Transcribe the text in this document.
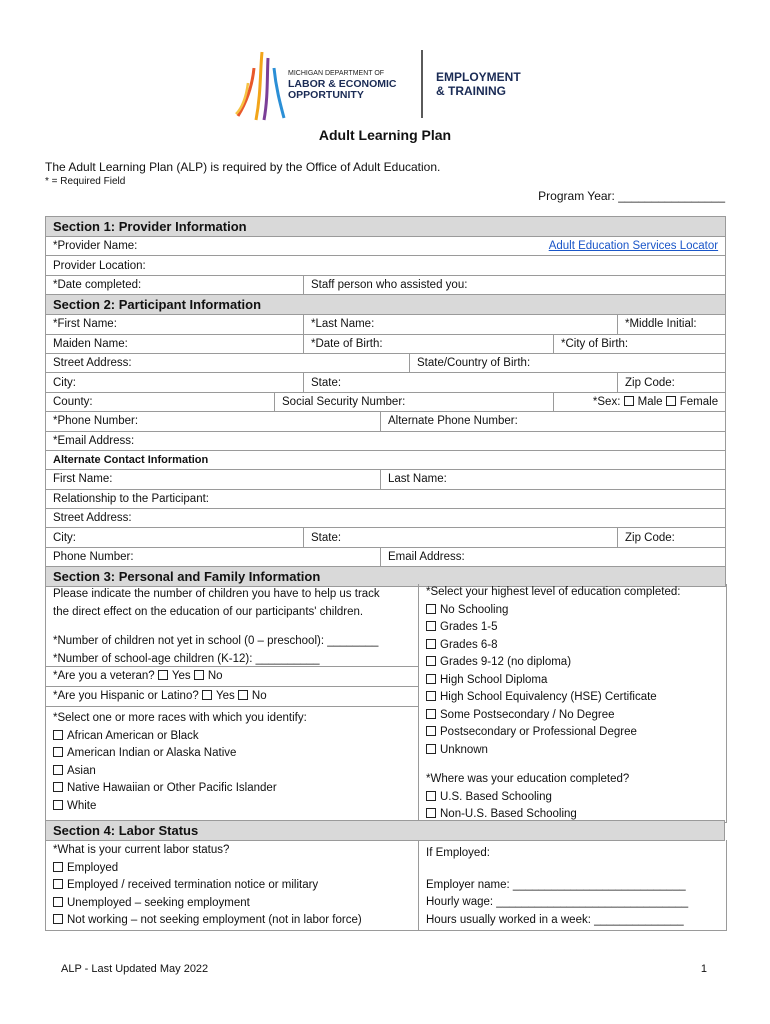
MICHIGAN DEPARTMENT OF
LABOR & ECONOMIC
OPPORTUNITY
EMPLOYMENT
& TRAINING
Adult Learning Plan
The Adult Learning Plan (ALP) is required by the Office of Adult Education.
* = Required Field
Program Year: ________________
Section 1: Provider Information						
*Provider Name: Adult Education Services Locator						

Provider Location:						
*Date completed:		Staff person who assisted you:				
Section 2: Participant Information						
*First Name:		*Last Name:				*Middle Initial:
Maiden Name:		*Date of Birth:			*City of Birth:	
Street Address:				State/Country of Birth:		
City:		State:				Zip Code:
County:	Social Security Number:				*Sex: Male Female	
*Phone Number:			Alternate Phone Number:			
*Email Address:						
Alternate Contact Information						
First Name:			Last Name:			
Relationship to the Participant:						
Street Address:						
City:		State:				Zip Code:
Phone Number:			Email Address:			
Section 3: Personal and Family Information						
Please indicate the number of children you have to help us track
the direct effect on the education of our participants' children.
*Number of children not yet in school (0 – preschool): ________
*Number of school-age children (K-12): __________
*Are you a veteran? Yes No
*Are you Hispanic or Latino? Yes No
*Select one or more races with which you identify:
African American or Black
American Indian or Alaska Native
Asian
Native Hawaiian or Other Pacific Islander
White
*Select your highest level of education completed:
No Schooling
Grades 1-5
Grades 6-8
Grades 9-12 (no diploma)
High School Diploma
High School Equivalency (HSE) Certificate
Some Postsecondary / No Degree
Postsecondary or Professional Degree
Unknown
*Where was your education completed?
U.S. Based Schooling
Non-U.S. Based Schooling
Section 4: Labor Status
*What is your current labor status?
Employed
Employed / received termination notice or military
Unemployed – seeking employment
Not working – not seeking employment (not in labor force)
If Employed:
Employer name: ___________________________
Hourly wage: ______________________________
Hours usually worked in a week: ______________
ALP - Last Updated May 2022	1
